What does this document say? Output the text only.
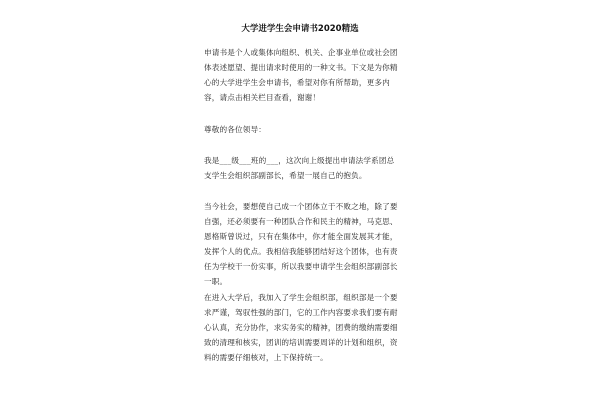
大学进学生会申请书2020精选

申请书是个人或集体向组织、机关、企事业单位或社会团体表述愿望、提出请求时使用的一种文书。下文是为你精心的大学进学生会申请书，希望对你有所帮助，更多内容，请点击相关栏目查看，谢谢！

尊敬的各位领导：

我是___级___班的___，这次向上级提出申请法学系团总支学生会组织部副部长，希望一展自己的抱负。

当今社会，要想使自己成一个团体立于不败之地，除了要自强，还必须要有一种团队合作和民主的精神，马克思、恩格斯曾说过，只有在集体中，你才能全面发展其才能，发挥个人的优点。我相信我能够团结好这个团体，也有责任为学校干一份实事，所以我要申请学生会组织部副部长一职。

在进入大学后，我加入了学生会组织部，组织部是一个要求严谨，驾驭性强的部门，它的工作内容要求我们要有耐心认真，充分协作，求实务实的精神，团费的缴纳需要细致的清理和核实，团训的培训需要周详的计划和组织，资料的需要仔细核对，上下保持统一。
